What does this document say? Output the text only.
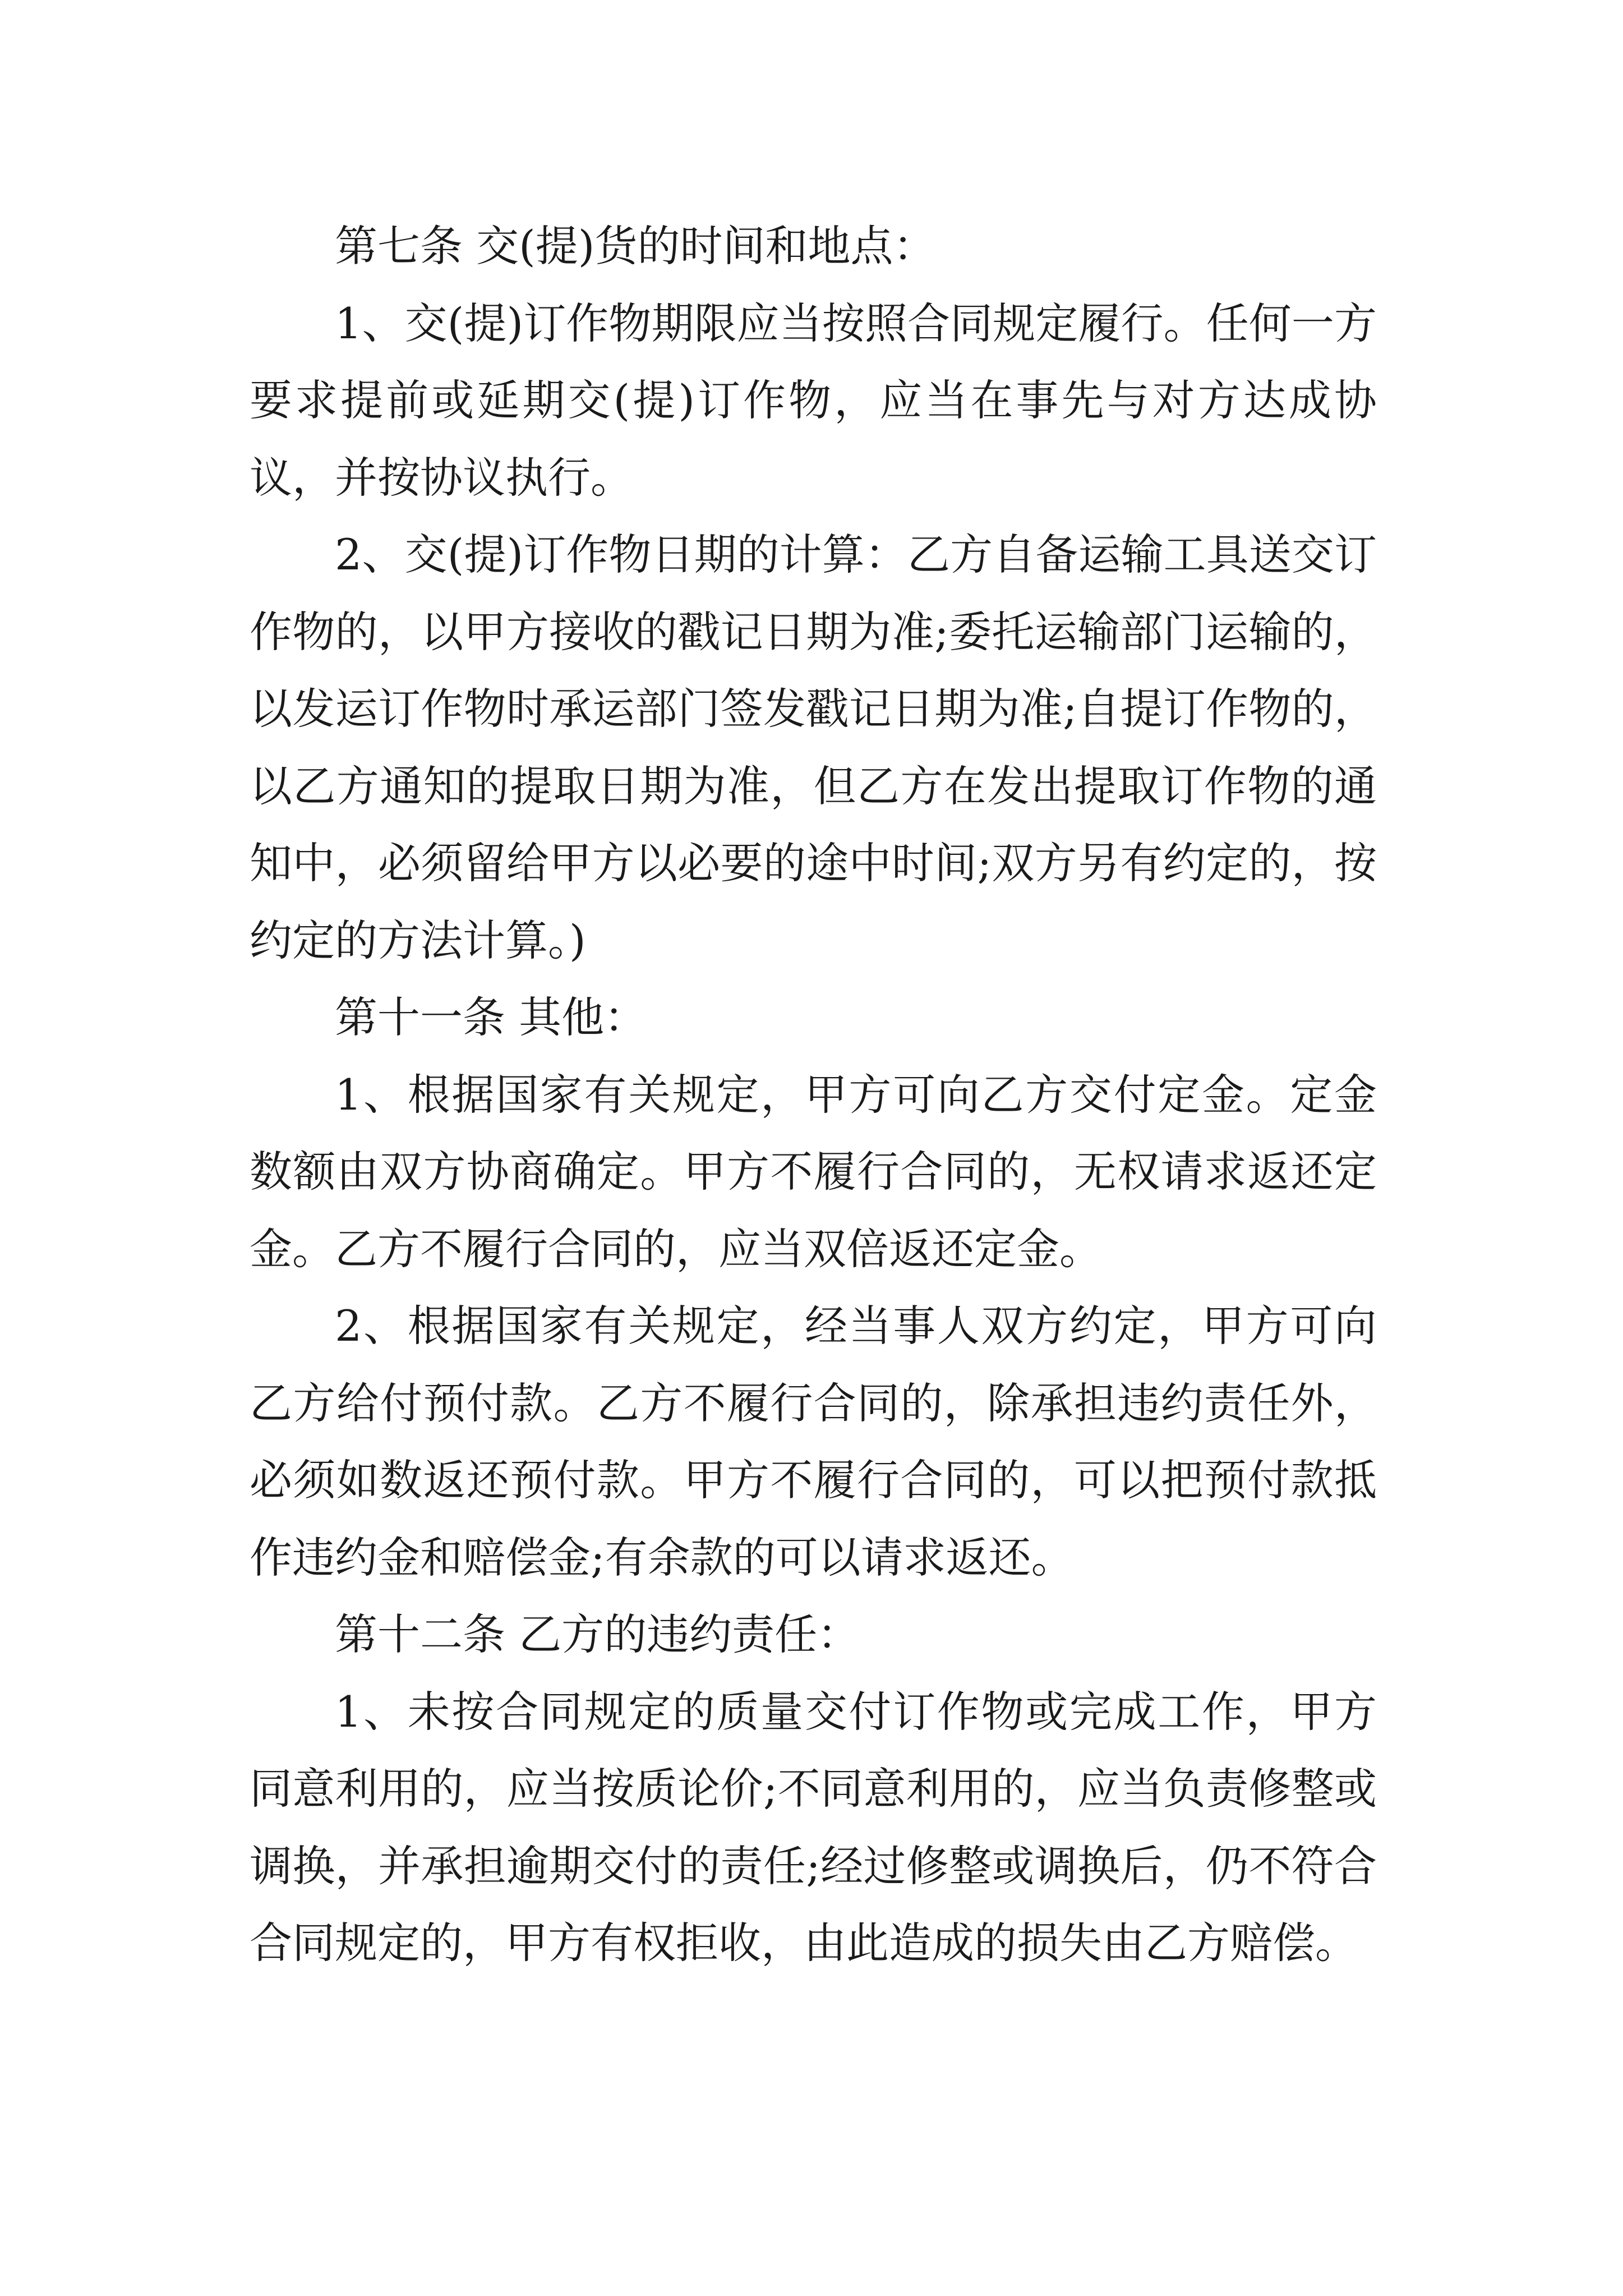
第七条 交(提)货的时间和地点：

1、交(提)订作物期限应当按照合同规定履行。任何一方要求提前或延期交(提)订作物，应当在事先与对方达成协议，并按协议执行。

2、交(提)订作物日期的计算：乙方自备运输工具送交订作物的，以甲方接收的戳记日期为准;委托运输部门运输的，以发运订作物时承运部门签发戳记日期为准;自提订作物的，以乙方通知的提取日期为准，但乙方在发出提取订作物的通知中，必须留给甲方以必要的途中时间;双方另有约定的，按约定的方法计算。)

第十一条 其他：

1、根据国家有关规定，甲方可向乙方交付定金。定金数额由双方协商确定。甲方不履行合同的，无权请求返还定金。乙方不履行合同的，应当双倍返还定金。

2、根据国家有关规定，经当事人双方约定，甲方可向乙方给付预付款。乙方不履行合同的，除承担违约责任外，必须如数返还预付款。甲方不履行合同的，可以把预付款抵作违约金和赔偿金;有余款的可以请求返还。

第十二条 乙方的违约责任：

1、未按合同规定的质量交付订作物或完成工作，甲方同意利用的，应当按质论价;不同意利用的，应当负责修整或调换，并承担逾期交付的责任;经过修整或调换后，仍不符合合同规定的，甲方有权拒收，由此造成的损失由乙方赔偿。
